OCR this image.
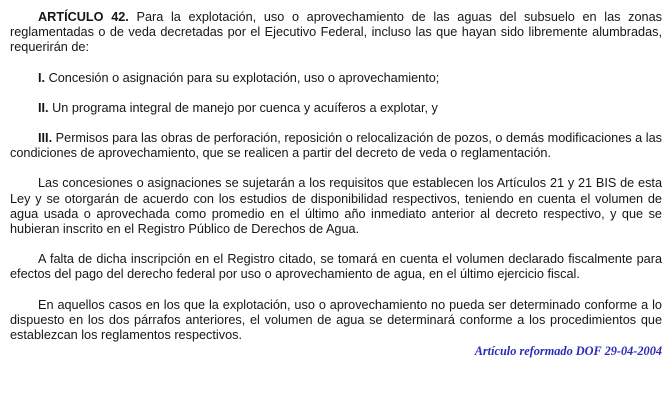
ARTÍCULO 42. Para la explotación, uso o aprovechamiento de las aguas del subsuelo en las zonas reglamentadas o de veda decretadas por el Ejecutivo Federal, incluso las que hayan sido libremente alumbradas, requerirán de:

I. Concesión o asignación para su explotación, uso o aprovechamiento;

II. Un programa integral de manejo por cuenca y acuíferos a explotar, y

III. Permisos para las obras de perforación, reposición o relocalización de pozos, o demás modificaciones a las condiciones de aprovechamiento, que se realicen a partir del decreto de veda o reglamentación.

Las concesiones o asignaciones se sujetarán a los requisitos que establecen los Artículos 21 y 21 BIS de esta Ley y se otorgarán de acuerdo con los estudios de disponibilidad respectivos, teniendo en cuenta el volumen de agua usada o aprovechada como promedio en el último año inmediato anterior al decreto respectivo, y que se hubieran inscrito en el Registro Público de Derechos de Agua.

A falta de dicha inscripción en el Registro citado, se tomará en cuenta el volumen declarado fiscalmente para efectos del pago del derecho federal por uso o aprovechamiento de agua, en el último ejercicio fiscal.

En aquellos casos en los que la explotación, uso o aprovechamiento no pueda ser determinado conforme a lo dispuesto en los dos párrafos anteriores, el volumen de agua se determinará conforme a los procedimientos que establezcan los reglamentos respectivos.

Artículo reformado DOF 29-04-2004
